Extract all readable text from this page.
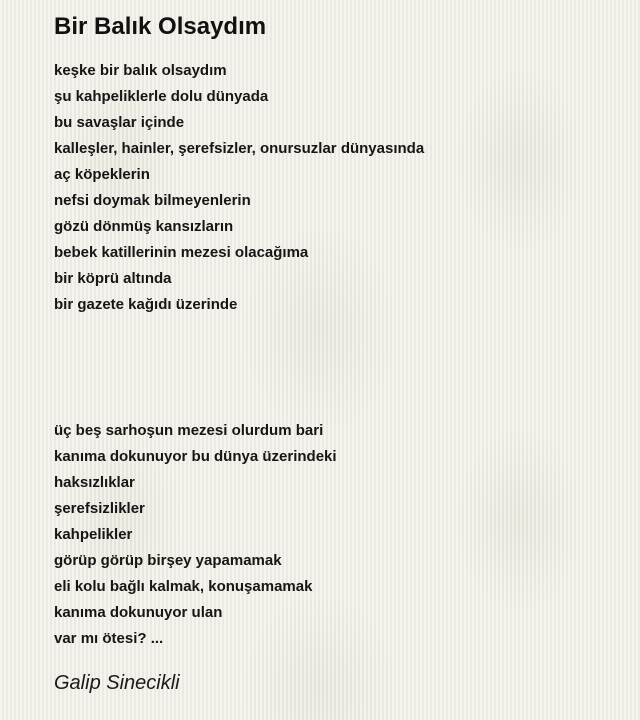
Bir Balık Olsaydım
keşke bir balık olsaydım
şu kahpeliklerle dolu dünyada
bu savaşlar içinde
kalleşler, hainler, şerefsizler, onursuzlar dünyasında
aç köpeklerin
nefsi doymak bilmeyenlerin
gözü dönmüş kansızların
bebek katillerinin mezesi olacağıma
bir köprü altında
bir gazete kağıdı üzerinde
üç beş sarhoşun mezesi olurdum bari
kanıma dokunuyor bu dünya üzerindeki
haksızlıklar
şerefsizlikler
kahpelikler
görüp görüp birşey yapamamak
eli kolu bağlı kalmak, konuşamamak
kanıma dokunuyor ulan
var mı ötesi? ...
Galip Sinecikli
